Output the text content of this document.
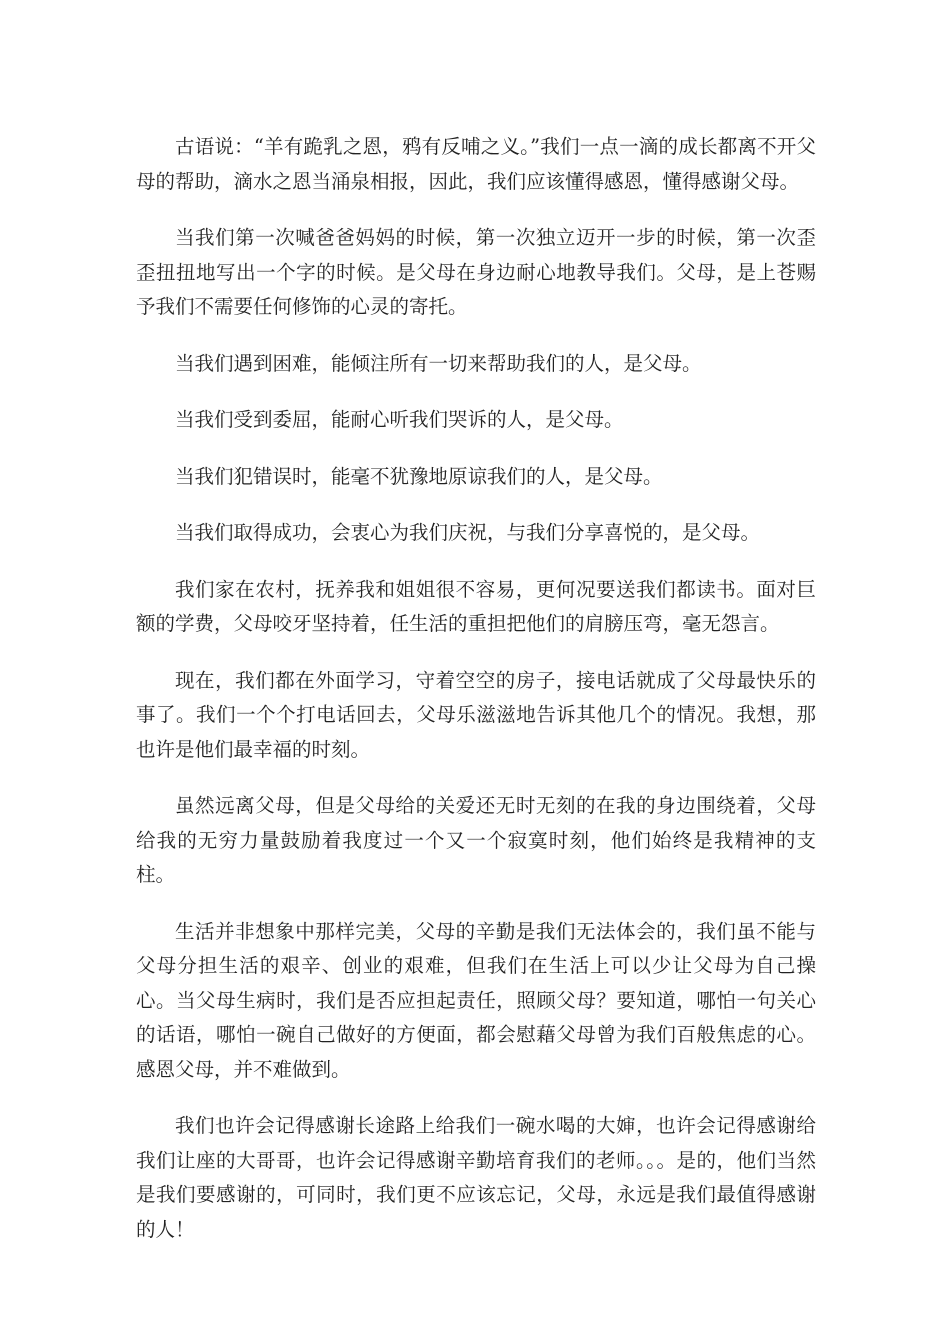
古语说：“羊有跪乳之恩，鸦有反哺之义。”我们一点一滴的成长都离不开父母的帮助，滴水之恩当涌泉相报，因此，我们应该懂得感恩，懂得感谢父母。

当我们第一次喊爸爸妈妈的时候，第一次独立迈开一步的时候，第一次歪歪扭扭地写出一个字的时候。是父母在身边耐心地教导我们。父母，是上苍赐予我们不需要任何修饰的心灵的寄托。

当我们遇到困难，能倾注所有一切来帮助我们的人，是父母。

当我们受到委屈，能耐心听我们哭诉的人，是父母。

当我们犯错误时，能毫不犹豫地原谅我们的人，是父母。

当我们取得成功，会衷心为我们庆祝，与我们分享喜悦的，是父母。

我们家在农村，抚养我和姐姐很不容易，更何况要送我们都读书。面对巨额的学费，父母咬牙坚持着，任生活的重担把他们的肩膀压弯，毫无怨言。

现在，我们都在外面学习，守着空空的房子，接电话就成了父母最快乐的事了。我们一个个打电话回去，父母乐滋滋地告诉其他几个的情况。我想，那也许是他们最幸福的时刻。

虽然远离父母，但是父母给的关爱还无时无刻的在我的身边围绕着，父母给我的无穷力量鼓励着我度过一个又一个寂寞时刻，他们始终是我精神的支柱。

生活并非想象中那样完美，父母的辛勤是我们无法体会的，我们虽不能与父母分担生活的艰辛、创业的艰难，但我们在生活上可以少让父母为自己操心。当父母生病时，我们是否应担起责任，照顾父母？要知道，哪怕一句关心的话语，哪怕一碗自己做好的方便面，都会慰藉父母曾为我们百般焦虑的心。感恩父母，并不难做到。

我们也许会记得感谢长途路上给我们一碗水喝的大婶，也许会记得感谢给我们让座的大哥哥，也许会记得感谢辛勤培育我们的老师。。。是的，他们当然是我们要感谢的，可同时，我们更不应该忘记，父母，永远是我们最值得感谢的人！
